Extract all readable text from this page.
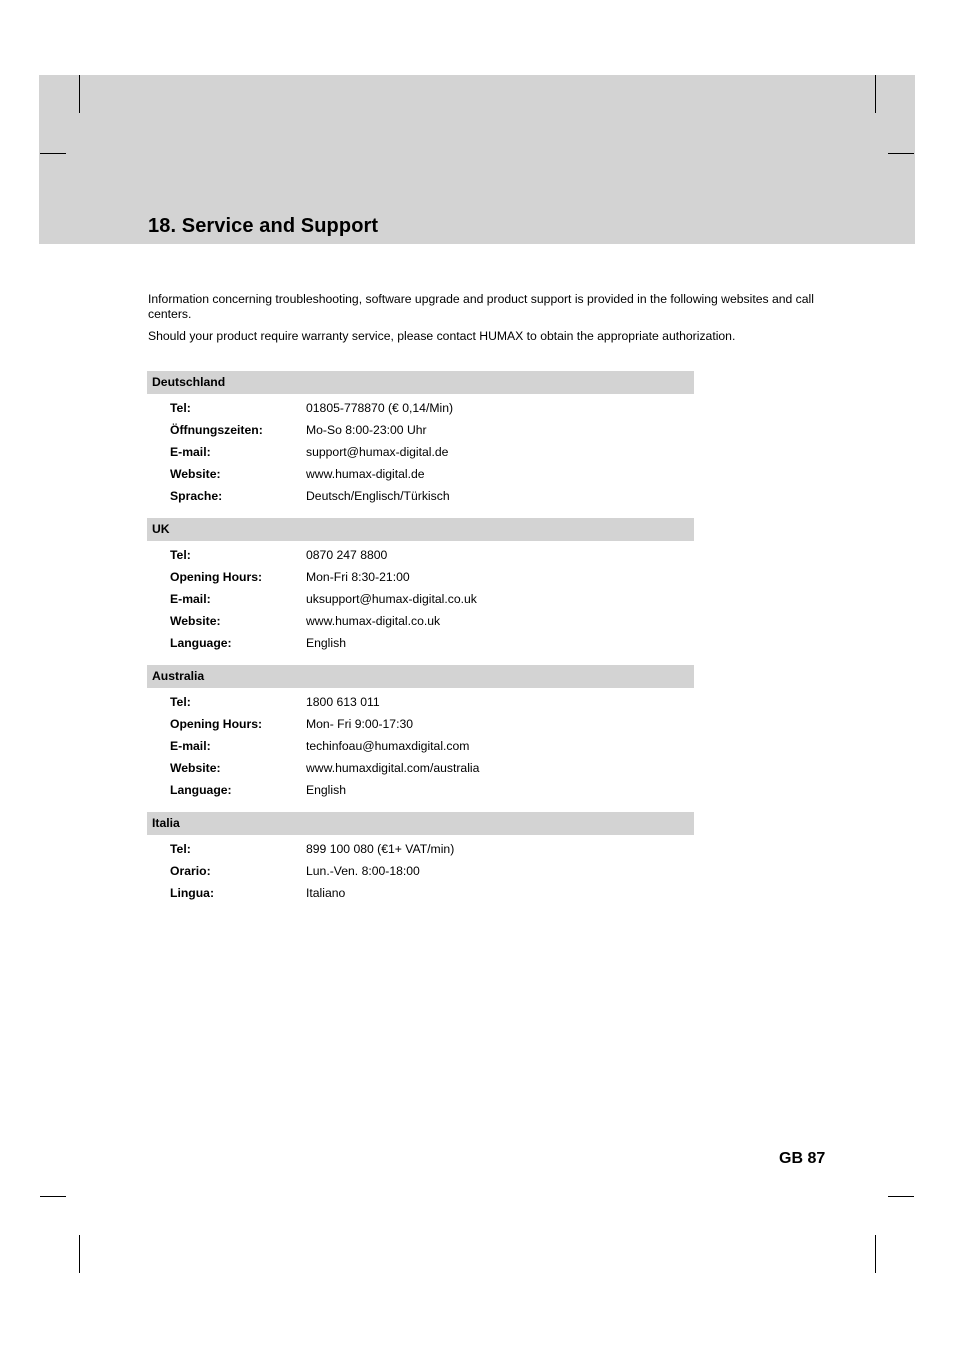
18. Service and Support

Information concerning troubleshooting, software upgrade and product support is provided in the following websites and call centers.

Should your product require warranty service, please contact HUMAX to obtain the appropriate authorization.

Deutschland
Tel:	01805-778870 (€ 0,14/Min)
Öffnungszeiten:	Mo-So 8:00-23:00 Uhr
E-mail:	support@humax-digital.de
Website:	www.humax-digital.de
Sprache:	Deutsch/Englisch/Türkisch
UK
Tel:	0870 247 8800
Opening Hours:	Mon-Fri 8:30-21:00
E-mail:	uksupport@humax-digital.co.uk
Website:	www.humax-digital.co.uk
Language:	English
Australia
Tel:	1800 613 011
Opening Hours:	Mon- Fri 9:00-17:30
E-mail:	techinfoau@humaxdigital.com
Website:	www.humaxdigital.com/australia
Language:	English
Italia
Tel:	899 100 080 (€1+ VAT/min)
Orario:	Lun.-Ven. 8:00-18:00
Lingua:	Italiano
GB 87
